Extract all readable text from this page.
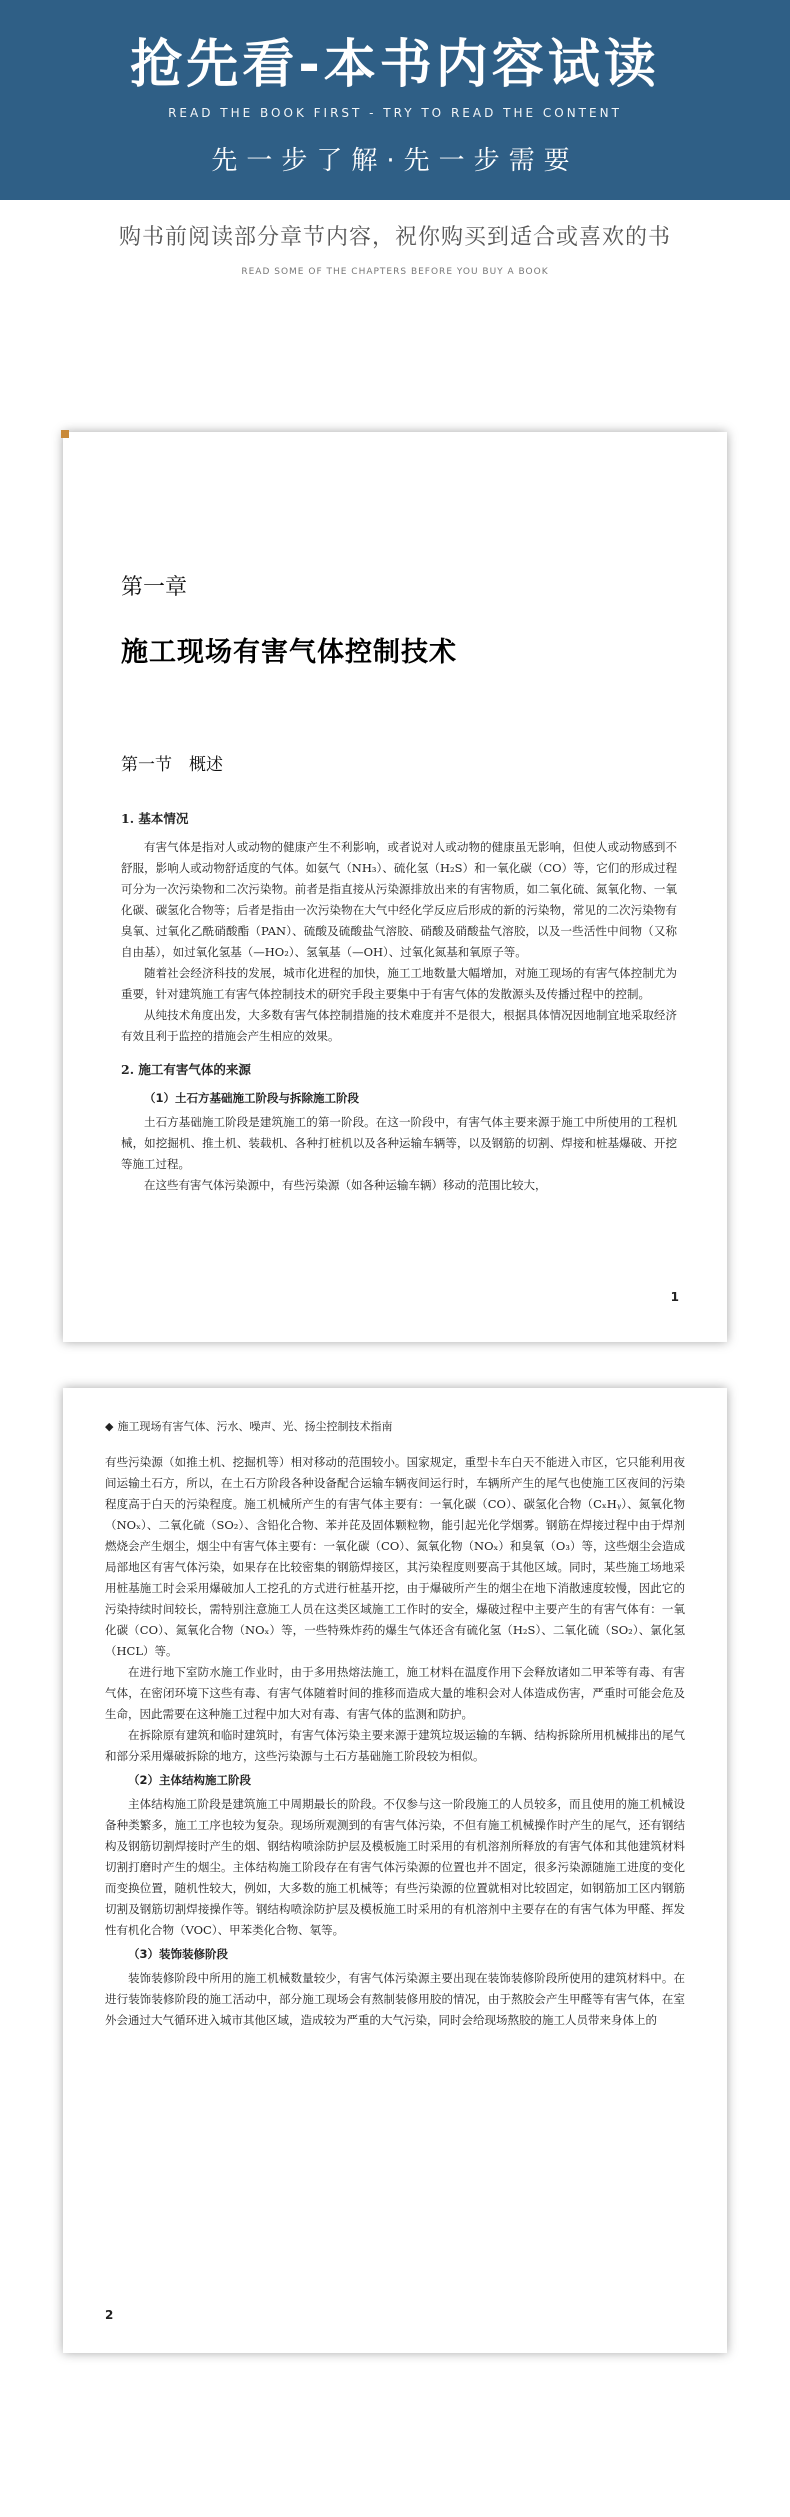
抢先看-本书内容试读
READ THE BOOK FIRST - TRY TO READ THE CONTENT
先一步了解·先一步需要
购书前阅读部分章节内容，祝你购买到适合或喜欢的书
READ SOME OF THE CHAPTERS BEFORE YOU BUY A BOOK
第一章
施工现场有害气体控制技术
第一节　概述
1. 基本情况
有害气体是指对人或动物的健康产生不利影响，或者说对人或动物的健康虽无影响，但使人或动物感到不舒服，影响人或动物舒适度的气体。如氨气（NH₃）、硫化氢（H₂S）和一氧化碳（CO）等，它们的形成过程可分为一次污染物和二次污染物。前者是指直接从污染源排放出来的有害物质，如二氧化硫、氮氧化物、一氧化碳、碳氢化合物等；后者是指由一次污染物在大气中经化学反应后形成的新的污染物，常见的二次污染物有臭氧、过氧化乙酰硝酸酯（PAN）、硫酸及硫酸盐气溶胶、硝酸及硝酸盐气溶胶，以及一些活性中间物（又称自由基），如过氧化氢基（—HO₂）、氢氧基（—OH）、过氧化氮基和氧原子等。
随着社会经济科技的发展，城市化进程的加快，施工工地数量大幅增加，对施工现场的有害气体控制尤为重要，针对建筑施工有害气体控制技术的研究手段主要集中于有害气体的发散源头及传播过程中的控制。
从纯技术角度出发，大多数有害气体控制措施的技术难度并不是很大，根据具体情况因地制宜地采取经济有效且利于监控的措施会产生相应的效果。
2. 施工有害气体的来源
（1）土石方基础施工阶段与拆除施工阶段
土石方基础施工阶段是建筑施工的第一阶段。在这一阶段中，有害气体主要来源于施工中所使用的工程机械，如挖掘机、推土机、装载机、各种打桩机以及各种运输车辆等，以及钢筋的切割、焊接和桩基爆破、开挖等施工过程。
在这些有害气体污染源中，有些污染源（如各种运输车辆）移动的范围比较大，
1
◆ 施工现场有害气体、污水、噪声、光、扬尘控制技术指南
有些污染源（如推土机、挖掘机等）相对移动的范围较小。国家规定，重型卡车白天不能进入市区，它只能利用夜间运输土石方，所以，在土石方阶段各种设备配合运输车辆夜间运行时，车辆所产生的尾气也使施工区夜间的污染程度高于白天的污染程度。施工机械所产生的有害气体主要有：一氧化碳（CO）、碳氢化合物（CₓHᵧ）、氮氧化物（NOₓ）、二氧化硫（SO₂）、含铅化合物、苯并芘及固体颗粒物，能引起光化学烟雾。钢筋在焊接过程中由于焊剂燃烧会产生烟尘，烟尘中有害气体主要有：一氧化碳（CO）、氮氧化物（NOₓ）和臭氧（O₃）等，这些烟尘会造成局部地区有害气体污染，如果存在比较密集的钢筋焊接区，其污染程度则要高于其他区域。同时，某些施工场地采用桩基施工时会采用爆破加人工挖孔的方式进行桩基开挖，由于爆破所产生的烟尘在地下消散速度较慢，因此它的污染持续时间较长，需特别注意施工人员在这类区域施工工作时的安全，爆破过程中主要产生的有害气体有：一氧化碳（CO）、氮氧化合物（NOₓ）等，一些特殊炸药的爆生气体还含有硫化氢（H₂S）、二氧化硫（SO₂）、氯化氢（HCL）等。
在进行地下室防水施工作业时，由于多用热熔法施工，施工材料在温度作用下会释放诸如二甲苯等有毒、有害气体，在密闭环境下这些有毒、有害气体随着时间的推移而造成大量的堆积会对人体造成伤害，严重时可能会危及生命，因此需要在这种施工过程中加大对有毒、有害气体的监测和防护。
在拆除原有建筑和临时建筑时，有害气体污染主要来源于建筑垃圾运输的车辆、结构拆除所用机械排出的尾气和部分采用爆破拆除的地方，这些污染源与土石方基础施工阶段较为相似。
（2）主体结构施工阶段
主体结构施工阶段是建筑施工中周期最长的阶段。不仅参与这一阶段施工的人员较多，而且使用的施工机械设备种类繁多，施工工序也较为复杂。现场所观测到的有害气体污染，不但有施工机械操作时产生的尾气，还有钢结构及钢筋切割焊接时产生的烟、钢结构喷涂防护层及模板施工时采用的有机溶剂所释放的有害气体和其他建筑材料切割打磨时产生的烟尘。主体结构施工阶段存在有害气体污染源的位置也并不固定，很多污染源随施工进度的变化而变换位置，随机性较大，例如，大多数的施工机械等；有些污染源的位置就相对比较固定，如钢筋加工区内钢筋切割及钢筋切割焊接操作等。钢结构喷涂防护层及模板施工时采用的有机溶剂中主要存在的有害气体为甲醛、挥发性有机化合物（VOC）、甲苯类化合物、氡等。
（3）装饰装修阶段
装饰装修阶段中所用的施工机械数量较少，有害气体污染源主要出现在装饰装修阶段所使用的建筑材料中。在进行装饰装修阶段的施工活动中，部分施工现场会有熬制装修用胶的情况，由于熬胶会产生甲醛等有害气体，在室外会通过大气循环进入城市其他区域，造成较为严重的大气污染，同时会给现场熬胶的施工人员带来身体上的
2
